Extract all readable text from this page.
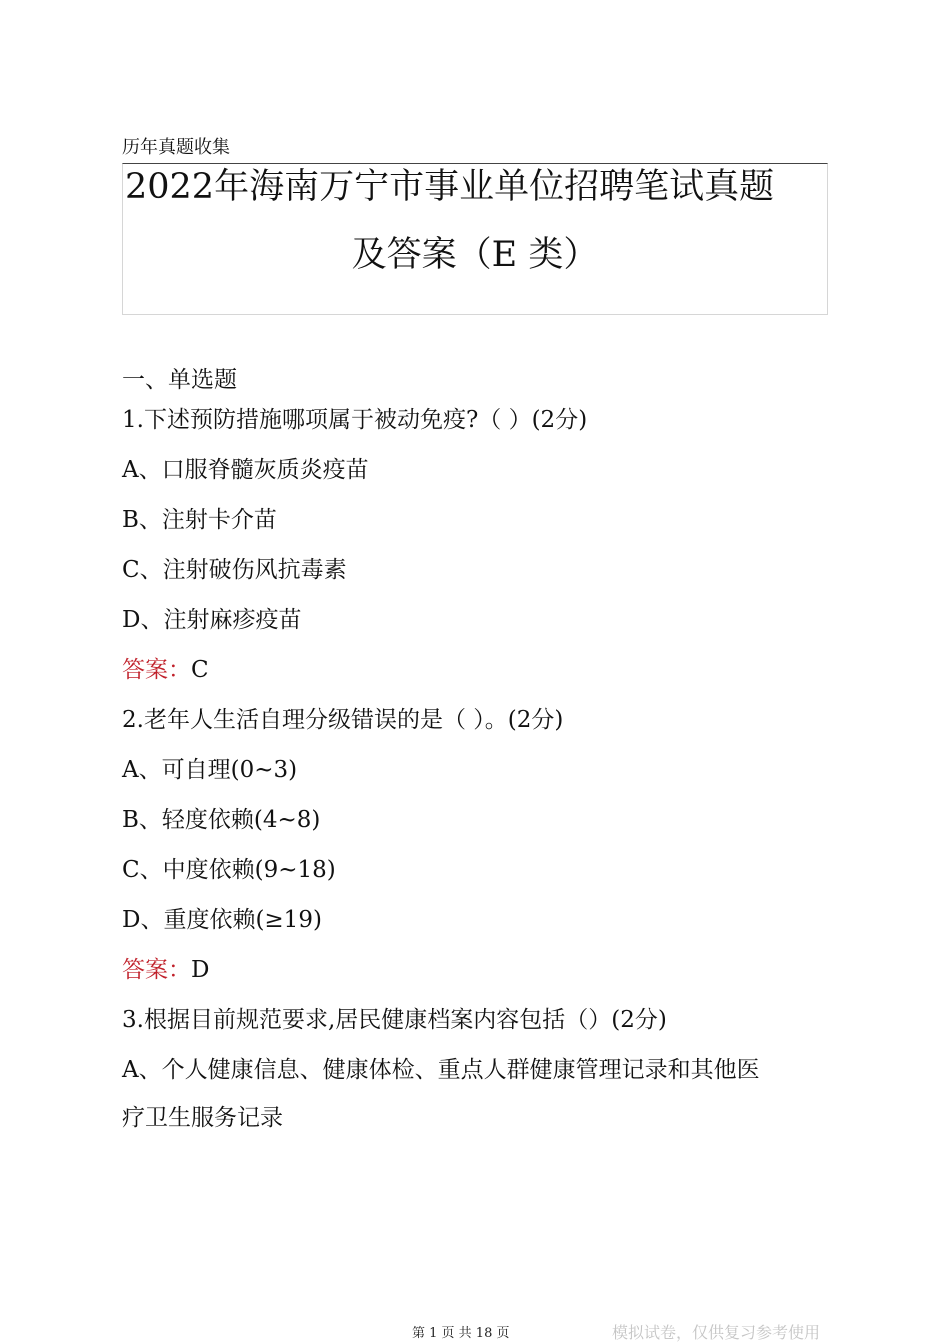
历年真题收集
2022年海南万宁市事业单位招聘笔试真题
及答案（E 类）
一、单选题
1.下述预防措施哪项属于被动免疫?（ ）(2分)
A、口服脊髓灰质炎疫苗
B、注射卡介苗
C、注射破伤风抗毒素
D、注射麻疹疫苗
答案：C
2.老年人生活自理分级错误的是（ ）。(2分)
A、可自理(0~3)
B、轻度依赖(4~8)
C、中度依赖(9~18)
D、重度依赖(≥19)
答案：D
3.根据目前规范要求,居民健康档案内容包括（）(2分)
A、个人健康信息、健康体检、重点人群健康管理记录和其他医
疗卫生服务记录
第 1 页 共 18 页	模拟试卷，仅供复习参考使用
